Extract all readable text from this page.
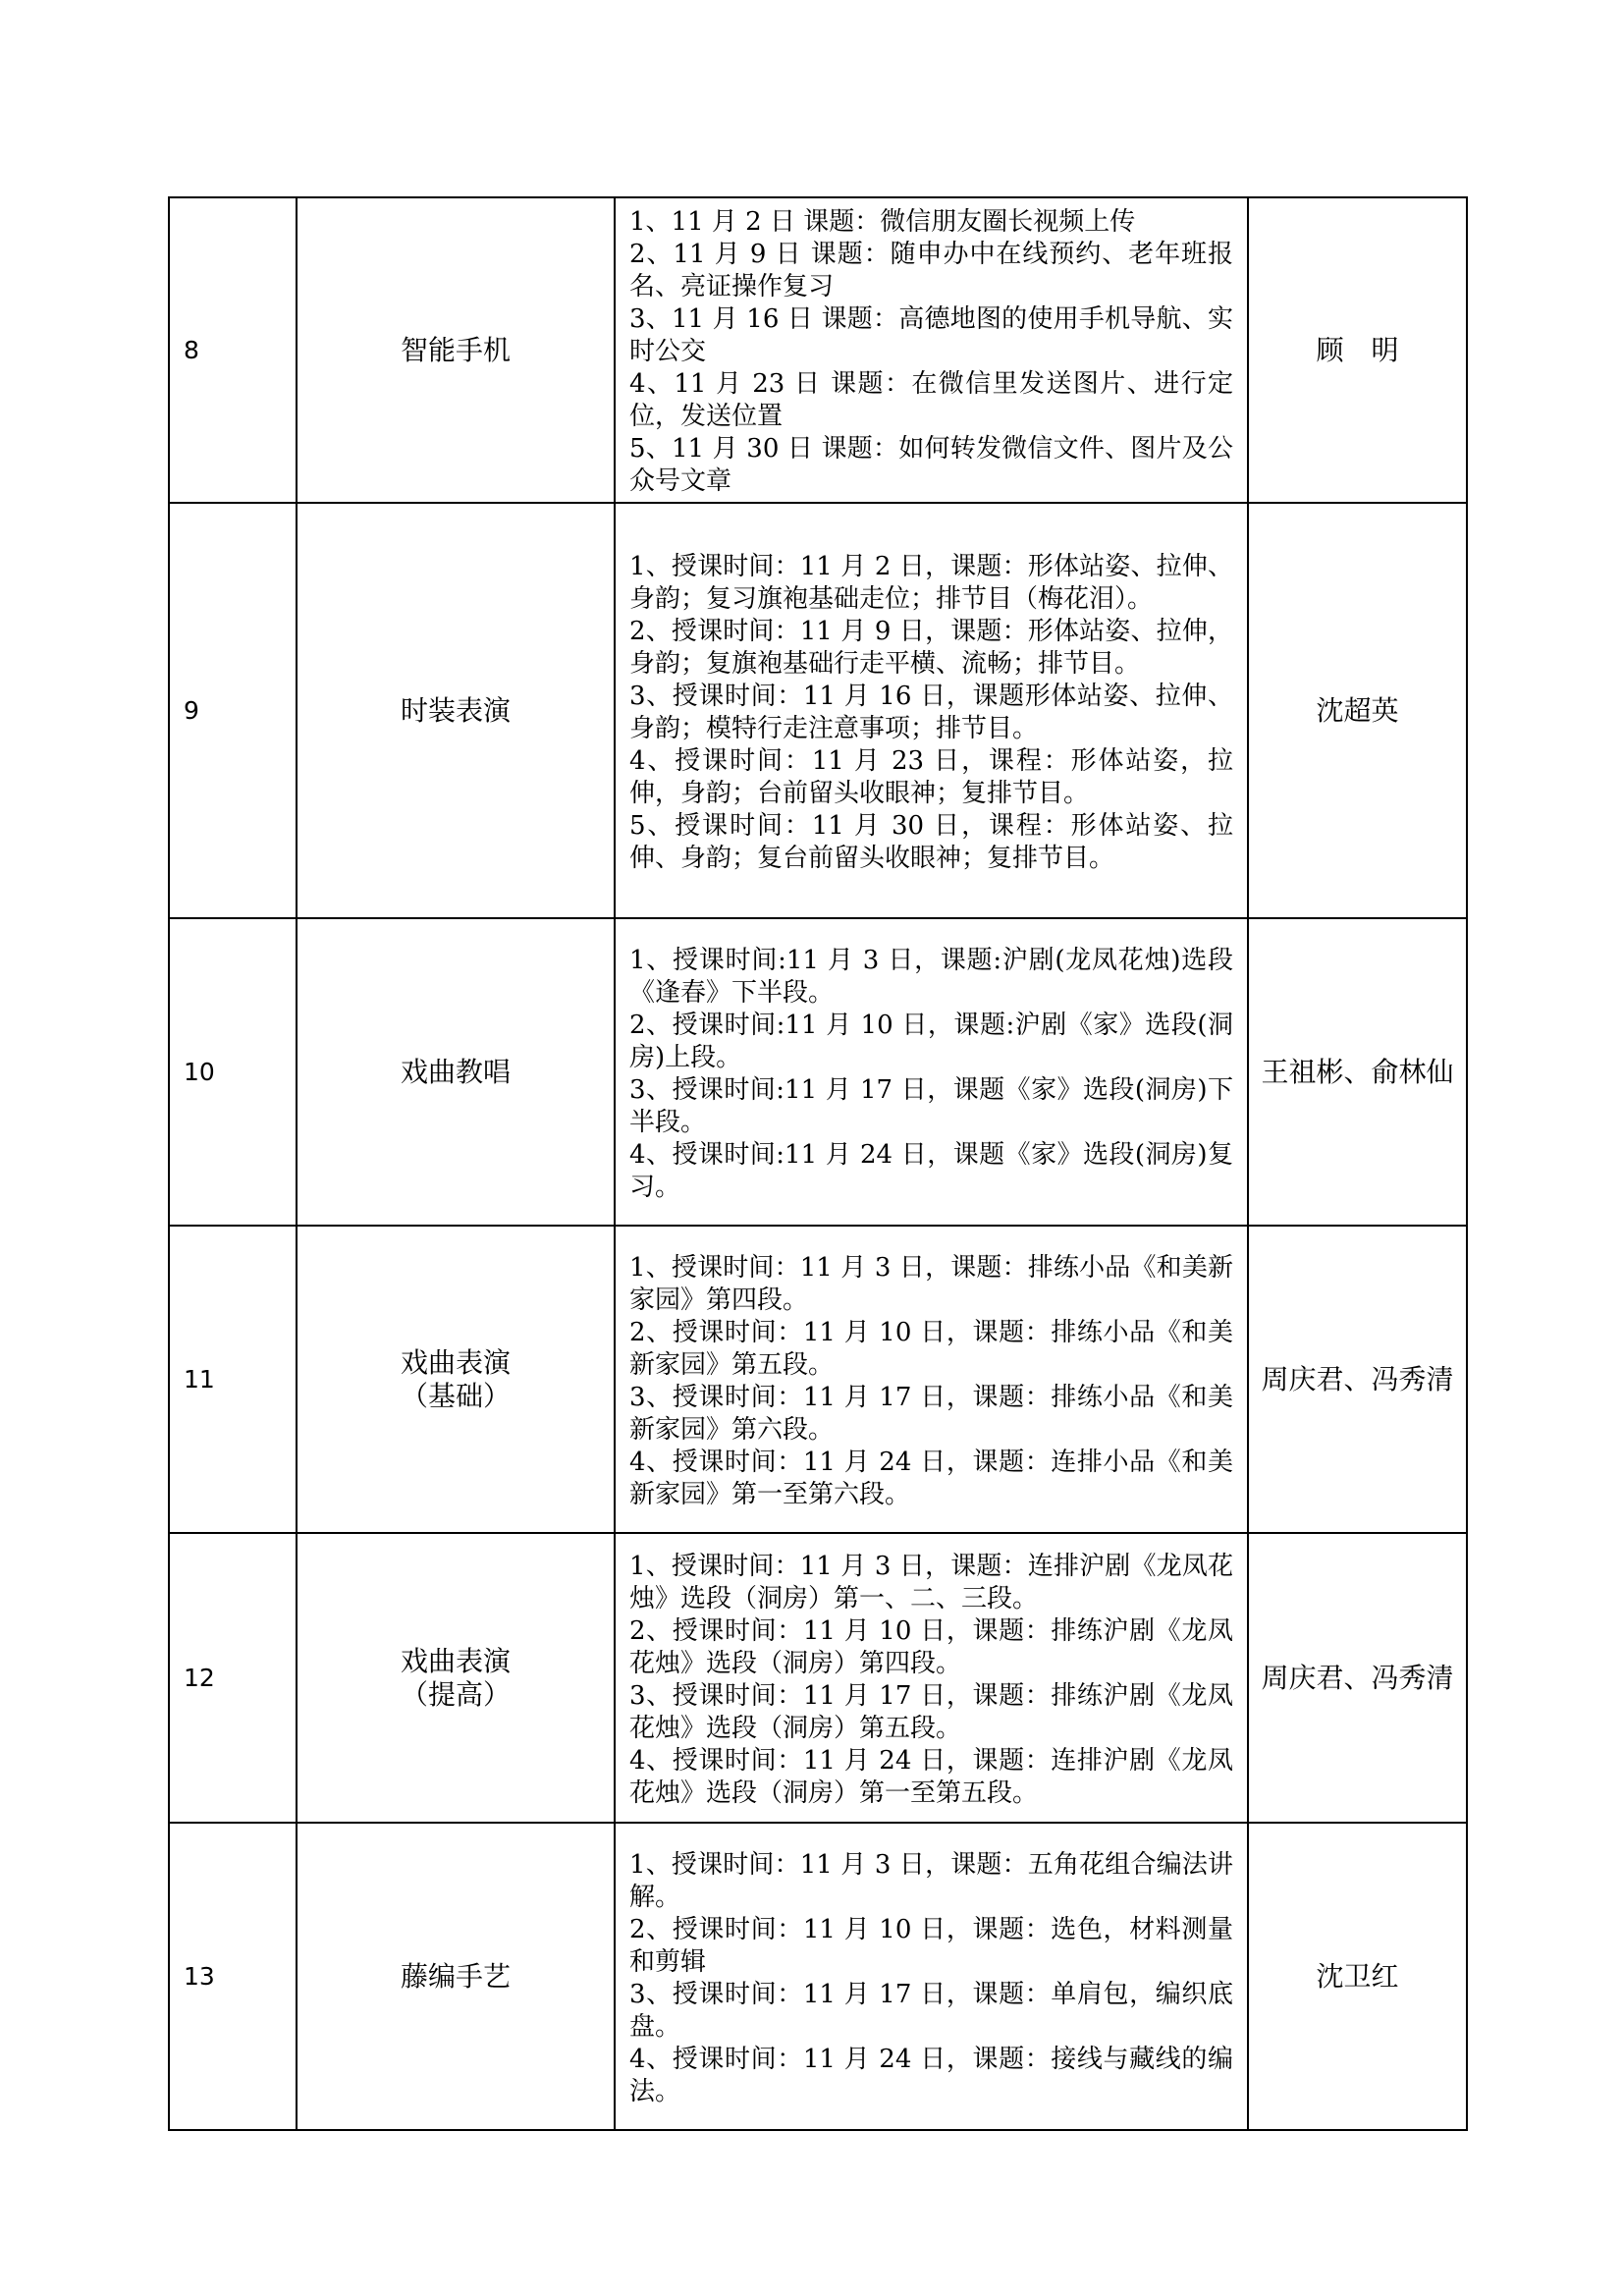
8	智能手机	1、11 月 2 日 课题：微信朋友圈长视频上传
2、11 月 9 日 课题：随申办中在线预约、老年班报名、亮证操作复习
3、11 月 16 日 课题：高德地图的使用手机导航、实时公交
4、11 月 23 日 课题：在微信里发送图片、进行定位，发送位置
5、11 月 30 日 课题：如何转发微信文件、图片及公众号文章	顾　明
9	时装表演	1、授课时间：11 月 2 日，课题：形体站姿、拉伸、身韵；复习旗袍基础走位；排节目（梅花泪）。
2、授课时间：11 月 9 日，课题：形体站姿、拉伸，身韵；复旗袍基础行走平横、流畅；排节目。
3、授课时间：11 月 16 日，课题形体站姿、拉伸、身韵；模特行走注意事项；排节目。
4、授课时间：11 月 23 日，课程：形体站姿，拉伸，身韵；台前留头收眼神；复排节目。
5、授课时间：11 月 30 日，课程：形体站姿、拉伸、身韵；复台前留头收眼神；复排节目。	沈超英
10	戏曲教唱	1、授课时间:11 月 3 日，课题:沪剧(龙凤花烛)选段《逢春》下半段。
2、授课时间:11 月 10 日，课题:沪剧《家》选段(洞房)上段。
3、授课时间:11 月 17 日，课题《家》选段(洞房)下半段。
4、授课时间:11 月 24 日，课题《家》选段(洞房)复习。	王祖彬、俞林仙
11	戏曲表演
（基础）	1、授课时间：11 月 3 日，课题：排练小品《和美新家园》第四段。
2、授课时间：11 月 10 日，课题：排练小品《和美新家园》第五段。
3、授课时间：11 月 17 日，课题：排练小品《和美新家园》第六段。
4、授课时间：11 月 24 日，课题：连排小品《和美新家园》第一至第六段。	周庆君、冯秀清
12	戏曲表演
（提高）	1、授课时间：11 月 3 日，课题：连排沪剧《龙凤花烛》选段（洞房）第一、二、三段。
2、授课时间：11 月 10 日，课题：排练沪剧《龙凤花烛》选段（洞房）第四段。
3、授课时间：11 月 17 日，课题：排练沪剧《龙凤花烛》选段（洞房）第五段。
4、授课时间：11 月 24 日，课题：连排沪剧《龙凤花烛》选段（洞房）第一至第五段。	周庆君、冯秀清
13	藤编手艺	1、授课时间：11 月 3 日，课题：五角花组合编法讲解。
2、授课时间：11 月 10 日，课题：选色，材料测量和剪辑
3、授课时间：11 月 17 日，课题：单肩包，编织底盘。
4、授课时间：11 月 24 日，课题：接线与藏线的编法。	沈卫红
